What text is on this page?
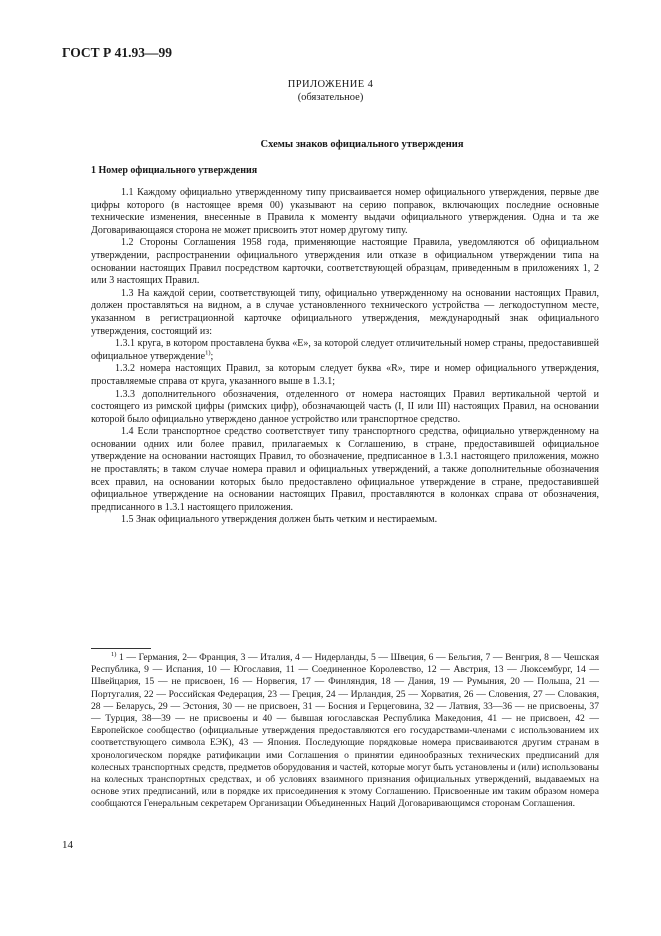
ГОСТ Р 41.93—99
ПРИЛОЖЕНИЕ 4
(обязательное)
Схемы знаков официального утверждения
1 Номер официального утверждения

1.1 Каждому официально утвержденному типу присваивается номер официального утверждения, первые две цифры которого (в настоящее время 00) указывают на серию поправок, включающих последние основные технические изменения, внесенные в Правила к моменту выдачи официального утверждения. Одна и та же Договаривающаяся сторона не может присвоить этот номер другому типу.

1.2 Стороны Соглашения 1958 года, применяющие настоящие Правила, уведомляются об официальном утверждении, распространении официального утверждения или отказе в официальном утверждении типа на основании настоящих Правил посредством карточки, соответствующей образцам, приведенным в приложениях 1, 2 или 3 настоящих Правил.

1.3 На каждой серии, соответствующей типу, официально утвержденному на основании настоящих Правил, должен проставляться на видном, а в случае установленного технического устройства — легкодоступном месте, указанном в регистрационной карточке официального утверждения, международный знак официального утверждения, состоящий из:

1.3.1 круга, в котором проставлена буква «E», за которой следует отличительный номер страны, предоставившей официальное утверждение$^{1)}$;

1.3.2 номера настоящих Правил, за которым следует буква «R», тире и номер официального утверждения, проставляемые справа от круга, указанного выше в 1.3.1;

1.3.3 дополнительного обозначения, отделенного от номера настоящих Правил вертикальной чертой и состоящего из римской цифры (римских цифр), обозначающей часть (I, II или III) настоящих Правил, на основании которой было официально утверждено данное устройство или транспортное средство.

1.4 Если транспортное средство соответствует типу транспортного средства, официально утвержденному на основании одних или более правил, прилагаемых к Соглашению, в стране, предоставившей официальное утверждение на основании настоящих Правил, то обозначение, предписанное в 1.3.1 настоящего приложения, можно не проставлять; в таком случае номера правил и официальных утверждений, а также дополнительные обозначения всех правил, на основании которых было предоставлено официальное утверждение в стране, предоставившей официальное утверждение на основании настоящих Правил, проставляются в колонках справа от обозначения, предписанного в 1.3.1 настоящего приложения.

1.5 Знак официального утверждения должен быть четким и нестираемым.

$^{1)}$ 1 — Германия, 2— Франция, 3 — Италия, 4 — Нидерланды, 5 — Швеция, 6 — Бельгия, 7 — Венгрия, 8 — Чешская Республика, 9 — Испания, 10 — Югославия, 11 — Соединенное Королевство, 12 — Австрия, 13 — Люксембург, 14 — Швейцария, 15 — не присвоен, 16 — Норвегия, 17 — Финляндия, 18 — Дания, 19 — Румыния, 20 — Польша, 21 — Португалия, 22 — Российская Федерация, 23 — Греция, 24 — Ирландия, 25 — Хорватия, 26 — Словения, 27 — Словакия, 28 — Беларусь, 29 — Эстония, 30 — не присвоен, 31 — Босния и Герцеговина, 32 — Латвия, 33—36 — не присвоены, 37 — Турция, 38—39 — не присвоены и 40 — бывшая югославская Республика Македония, 41 — не присвоен, 42 — Европейское сообщество (официальные утверждения предоставляются его государствами-членами с использованием их соответствующего символа ЕЭК), 43 — Япония. Последующие порядковые номера присваиваются другим странам в хронологическом порядке ратификации ими Соглашения о принятии единообразных технических предписаний для колесных транспортных средств, предметов оборудования и частей, которые могут быть установлены и (или) использованы на колесных транспортных средствах, и об условиях взаимного признания официальных утверждений, выдаваемых на основе этих предписаний, или в порядке их присоединения к этому Соглашению. Присвоенные им таким образом номера сообщаются Генеральным секретарем Организации Объединенных Наций Договаривающимся сторонам Соглашения.

14
